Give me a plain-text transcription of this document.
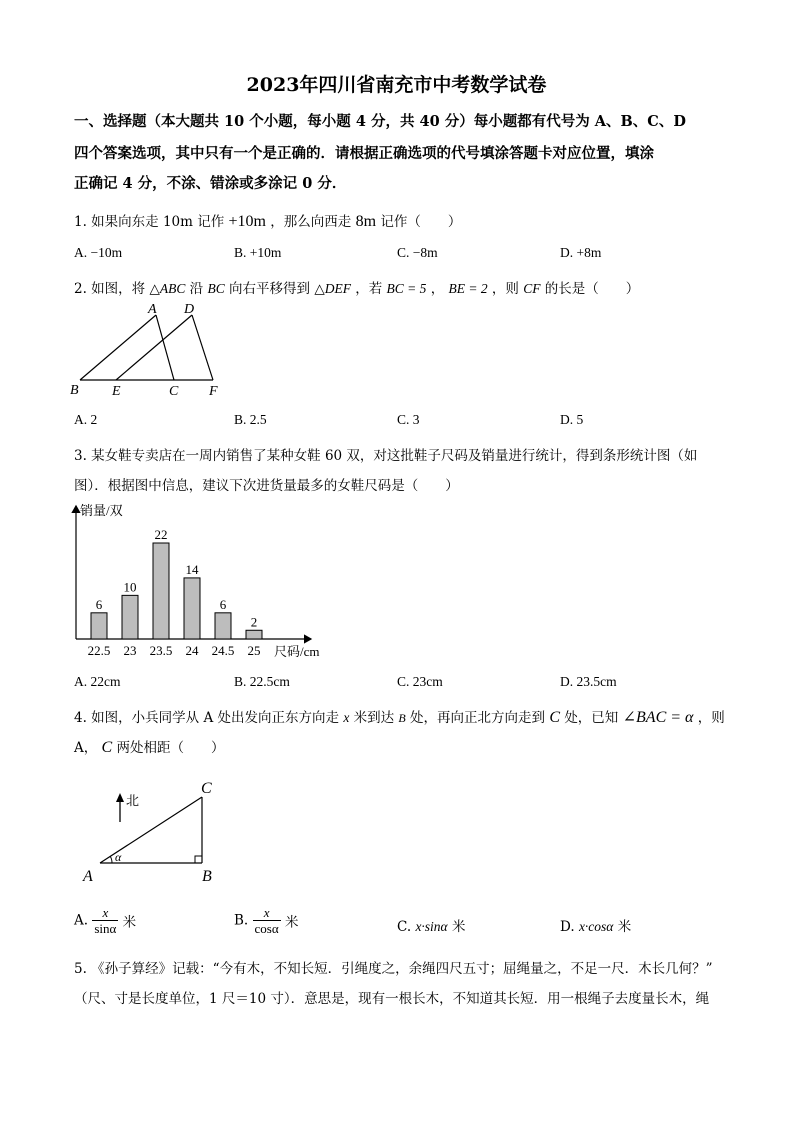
2023年四川省南充市中考数学试卷
一、选择题（本大题共 10 个小题，每小题 4 分，共 40 分）每小题都有代号为 A、B、C、D
四个答案选项，其中只有一个是正确的．请根据正确选项的代号填涂答题卡对应位置，填涂
正确记 4 分，不涂、错涂或多涂记 0 分．
1. 如果向东走 10m 记作 +10m ，那么向西走 8m 记作（　　）
A. −10m	B. +10m	C. −8m	D. +8m
2. 如图，将 △ABC 沿 BC 向右平移得到 △DEF ，若 BC = 5 ， BE = 2 ，则 CF 的长是（　　）
A D
B E	C F
A. 2	B. 2.5	C. 3	D. 5
3. 某女鞋专卖店在一周内销售了某种女鞋 60 双，对这批鞋子尺码及销量进行统计，得到条形统计图（如
图）．根据图中信息，建议下次进货量最多的女鞋尺码是（　　）
销量/双
尺码/cm
6
22.5
10
23
22
23.5
14
24
6
24.5
2
25
A. 22cm	B. 22.5cm	C. 23cm	D. 23.5cm
4. 如图，小兵同学从 A 处出发向正东方向走 x 米到达 B 处，再向正北方向走到 C 处，已知 ∠BAC = α ，则
A， C 两处相距（　　）
北
α
A	B
C
A. $\frac{x}{\sin\alpha}$ 米	B. $\frac{x}{\cos\alpha}$ 米	C. x·sinα 米	D. x·cosα 米
5. 《孙子算经》记载：“今有木，不知长短．引绳度之，余绳四尺五寸；屈绳量之，不足一尺．木长几何？”
（尺、寸是长度单位，1 尺＝10 寸）．意思是，现有一根长木，不知道其长短．用一根绳子去度量长木，绳
